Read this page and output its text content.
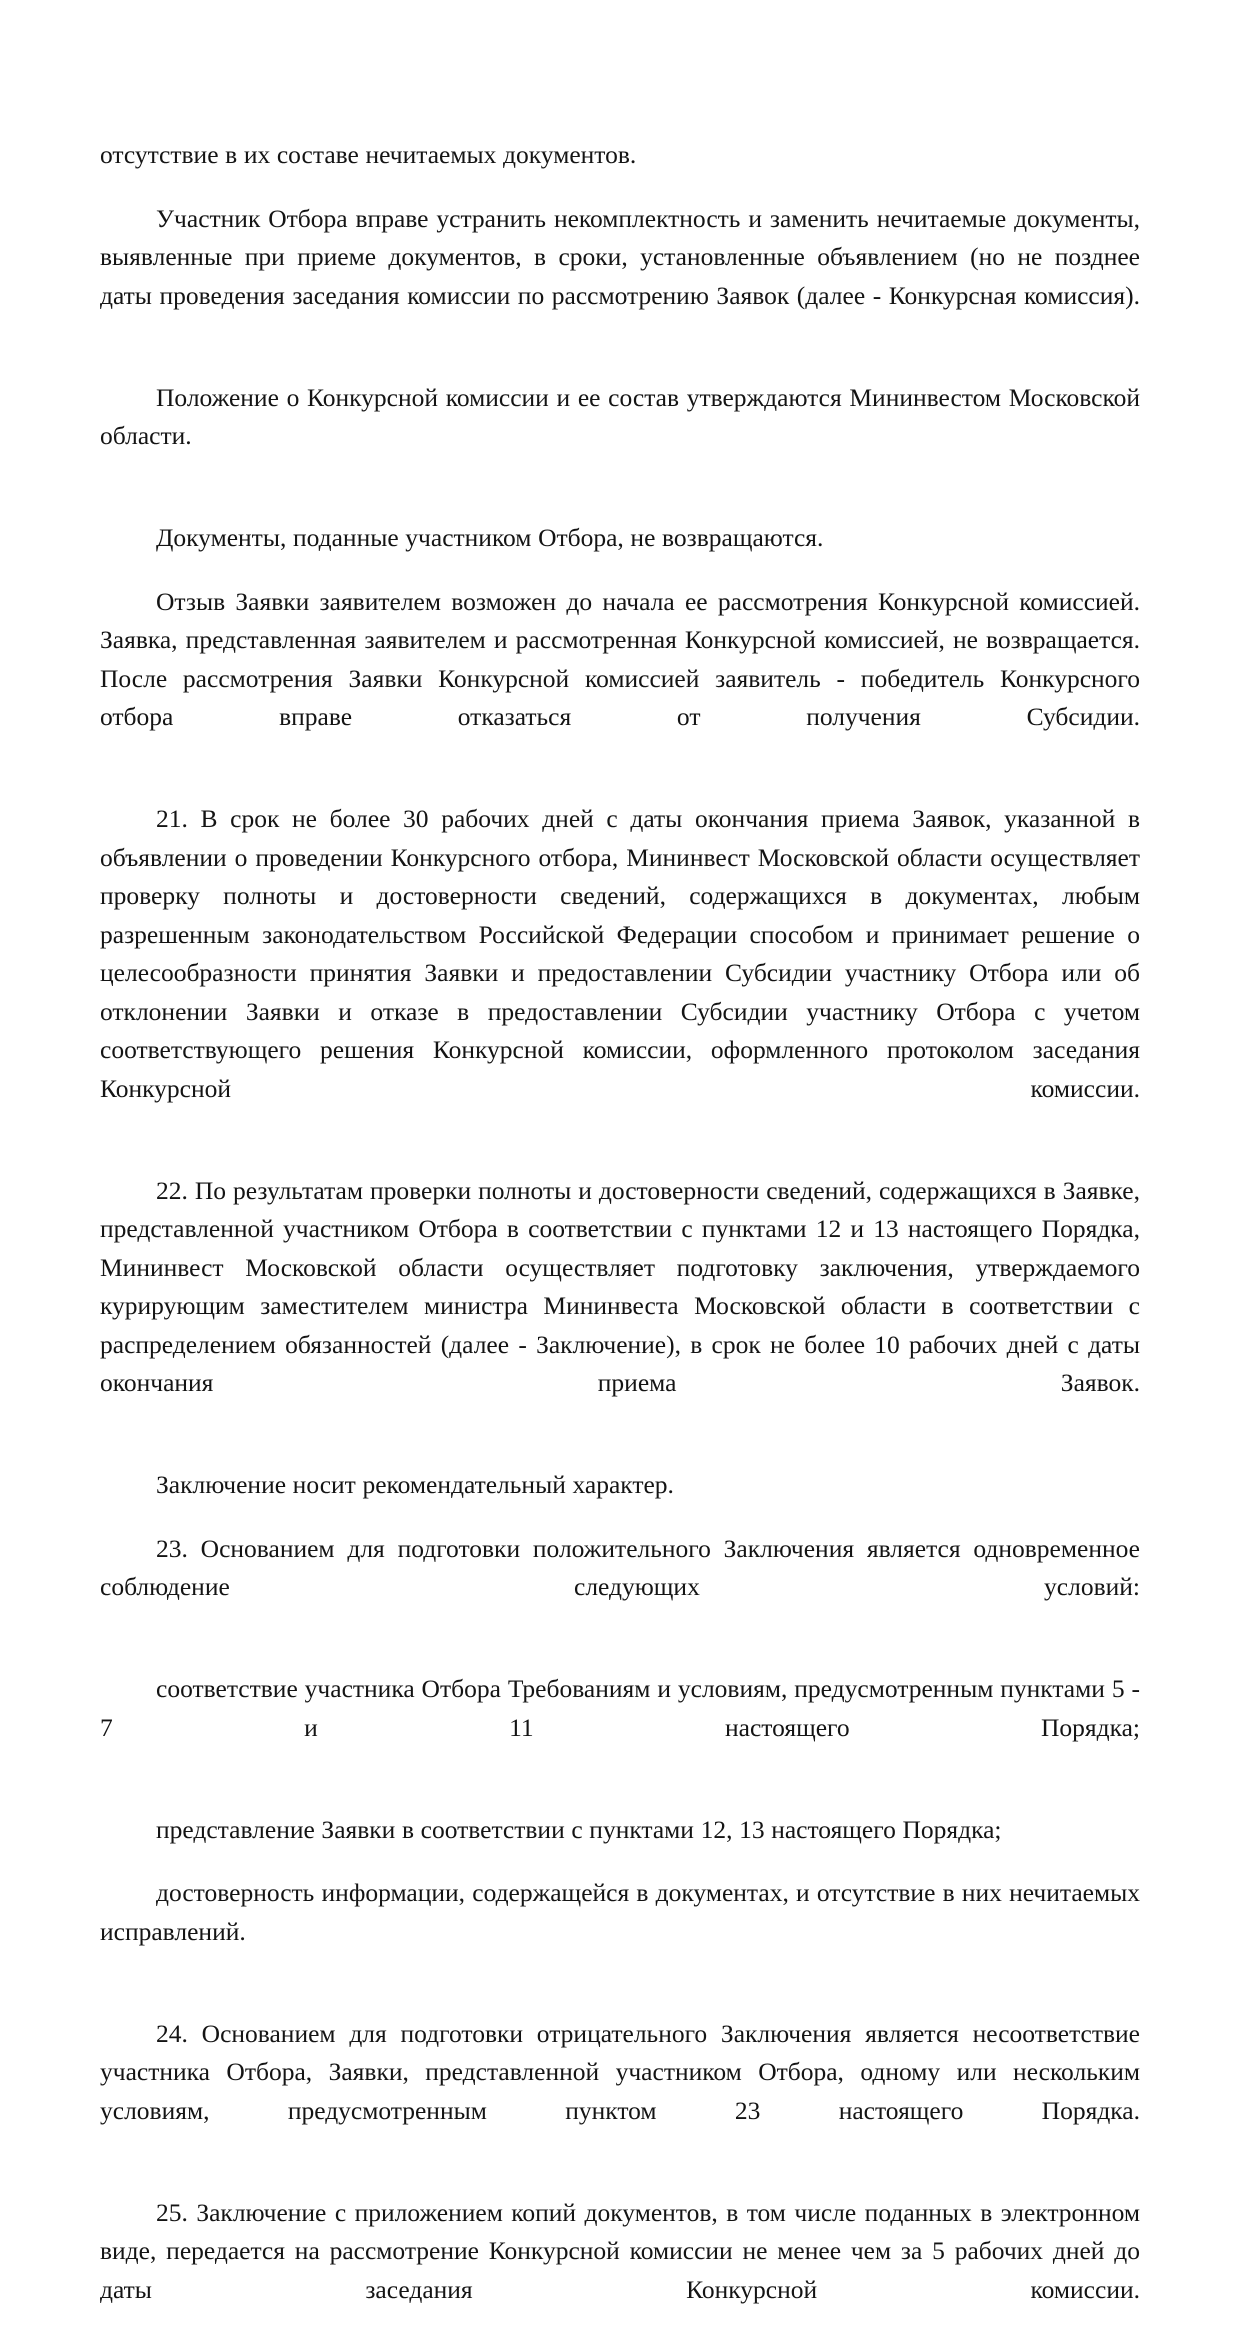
отсутствие в их составе нечитаемых документов.

Участник Отбора вправе устранить некомплектность и заменить нечитаемые документы, выявленные при приеме документов, в сроки, установленные объявлением (но не позднее даты проведения заседания комиссии по рассмотрению Заявок (далее - Конкурсная комиссия).

Положение о Конкурсной комиссии и ее состав утверждаются Мининвестом Московской области.

Документы, поданные участником Отбора, не возвращаются.

Отзыв Заявки заявителем возможен до начала ее рассмотрения Конкурсной комиссией. Заявка, представленная заявителем и рассмотренная Конкурсной комиссией, не возвращается. После рассмотрения Заявки Конкурсной комиссией заявитель - победитель Конкурсного отбора вправе отказаться от получения Субсидии.

21. В срок не более 30 рабочих дней с даты окончания приема Заявок, указанной в объявлении о проведении Конкурсного отбора, Мининвест Московской области осуществляет проверку полноты и достоверности сведений, содержащихся в документах, любым разрешенным законодательством Российской Федерации способом и принимает решение о целесообразности принятия Заявки и предоставлении Субсидии участнику Отбора или об отклонении Заявки и отказе в предоставлении Субсидии участнику Отбора с учетом соответствующего решения Конкурсной комиссии, оформленного протоколом заседания Конкурсной комиссии.

22. По результатам проверки полноты и достоверности сведений, содержащихся в Заявке, представленной участником Отбора в соответствии с пунктами 12 и 13 настоящего Порядка, Мининвест Московской области осуществляет подготовку заключения, утверждаемого курирующим заместителем министра Мининвеста Московской области в соответствии с распределением обязанностей (далее - Заключение), в срок не более 10 рабочих дней с даты окончания приема Заявок.

Заключение носит рекомендательный характер.

23. Основанием для подготовки положительного Заключения является одновременное соблюдение следующих условий:

соответствие участника Отбора Требованиям и условиям, предусмотренным пунктами 5 - 7 и 11 настоящего Порядка;

представление Заявки в соответствии с пунктами 12, 13 настоящего Порядка;

достоверность информации, содержащейся в документах, и отсутствие в них нечитаемых исправлений.

24. Основанием для подготовки отрицательного Заключения является несоответствие участника Отбора, Заявки, представленной участником Отбора, одному или нескольким условиям, предусмотренным пунктом 23 настоящего Порядка.

25. Заключение с приложением копий документов, в том числе поданных в электронном виде, передается на рассмотрение Конкурсной комиссии не менее чем за 5 рабочих дней до даты заседания Конкурсной комиссии.
